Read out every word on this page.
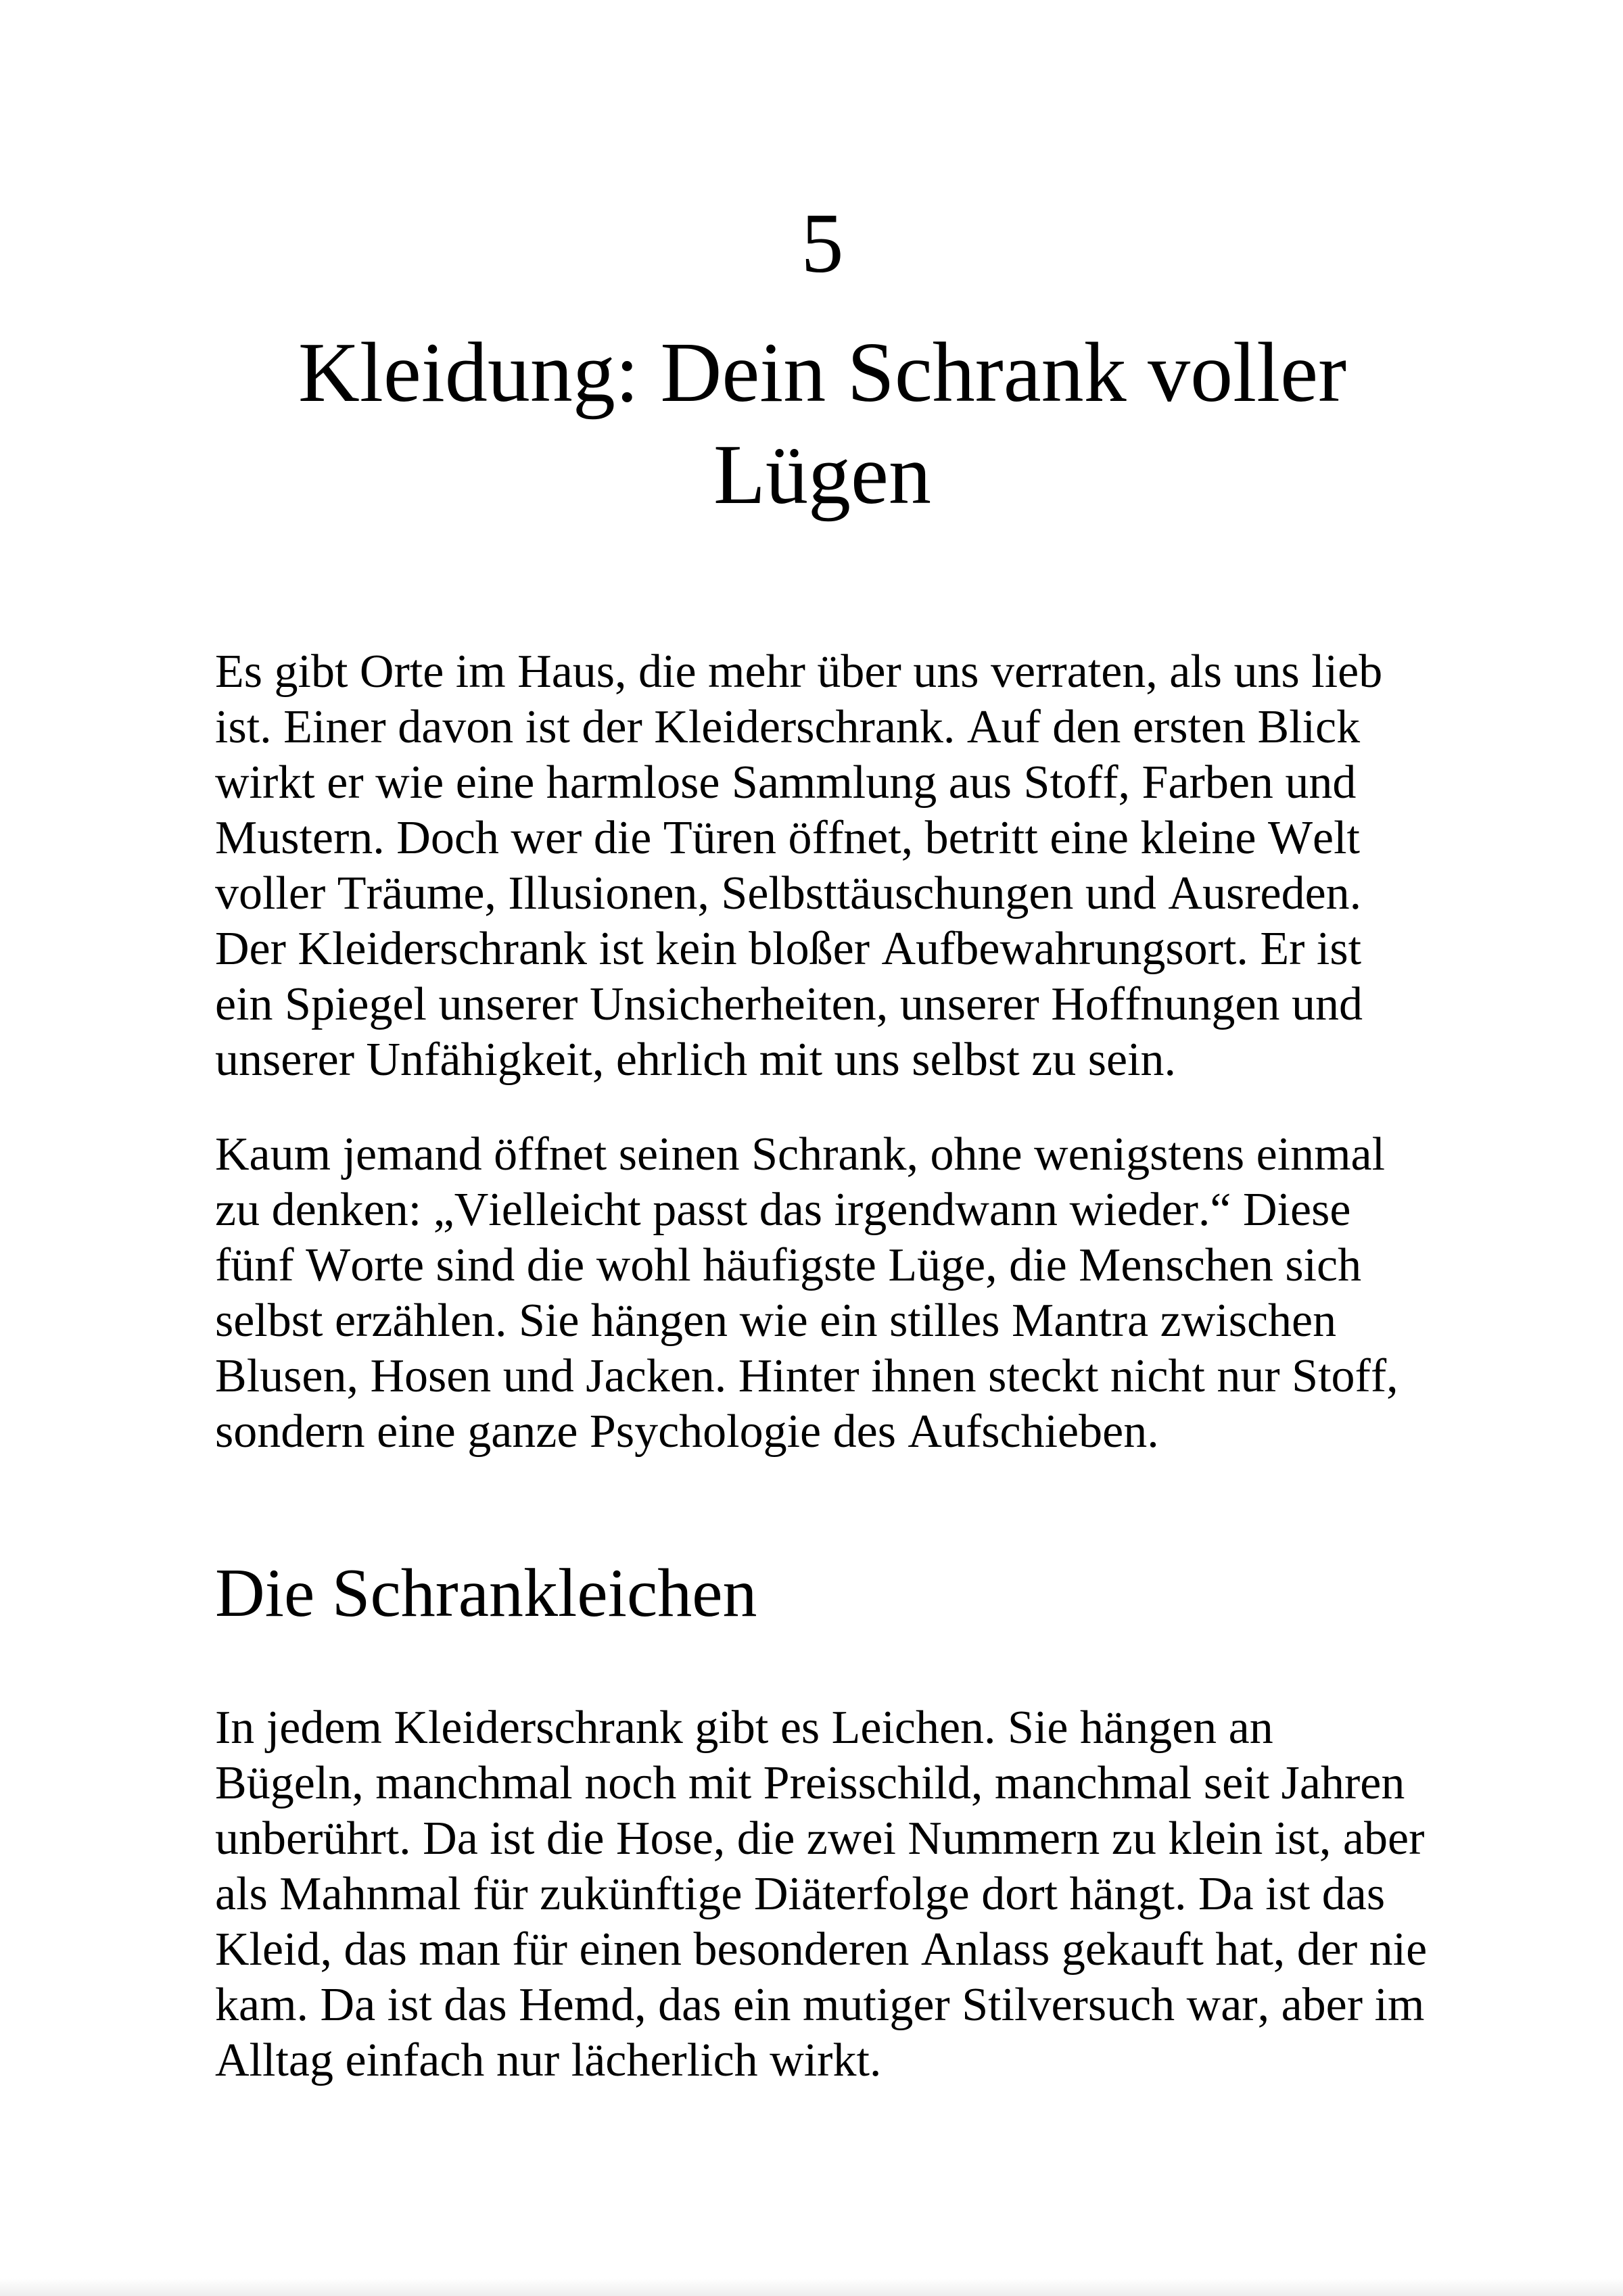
5
Kleidung: Dein Schrank voller Lügen

Es gibt Orte im Haus, die mehr über uns verraten, als uns lieb ist. Einer davon ist der Kleiderschrank. Auf den ersten Blick wirkt er wie eine harmlose Sammlung aus Stoff, Farben und Mustern. Doch wer die Türen öffnet, betritt eine kleine Welt voller Träume, Illusionen, Selbsttäuschungen und Ausreden. Der Kleiderschrank ist kein bloßer Aufbewahrungsort. Er ist ein Spiegel unserer Unsicherheiten, unserer Hoffnungen und unserer Unfähigkeit, ehrlich mit uns selbst zu sein.

Kaum jemand öffnet seinen Schrank, ohne wenigstens einmal zu denken: „Vielleicht passt das irgendwann wieder.“ Diese fünf Worte sind die wohl häufigste Lüge, die Menschen sich selbst erzählen. Sie hängen wie ein stilles Mantra zwischen Blusen, Hosen und Jacken. Hinter ihnen steckt nicht nur Stoff, sondern eine ganze Psychologie des Aufschieben.

Die Schrankleichen

In jedem Kleiderschrank gibt es Leichen. Sie hängen an Bügeln, manchmal noch mit Preisschild, manchmal seit Jahren unberührt. Da ist die Hose, die zwei Nummern zu klein ist, aber als Mahnmal für zukünftige Diäterfolge dort hängt. Da ist das Kleid, das man für einen besonderen Anlass gekauft hat, der nie kam. Da ist das Hemd, das ein mutiger Stilversuch war, aber im Alltag einfach nur lächerlich wirkt.
